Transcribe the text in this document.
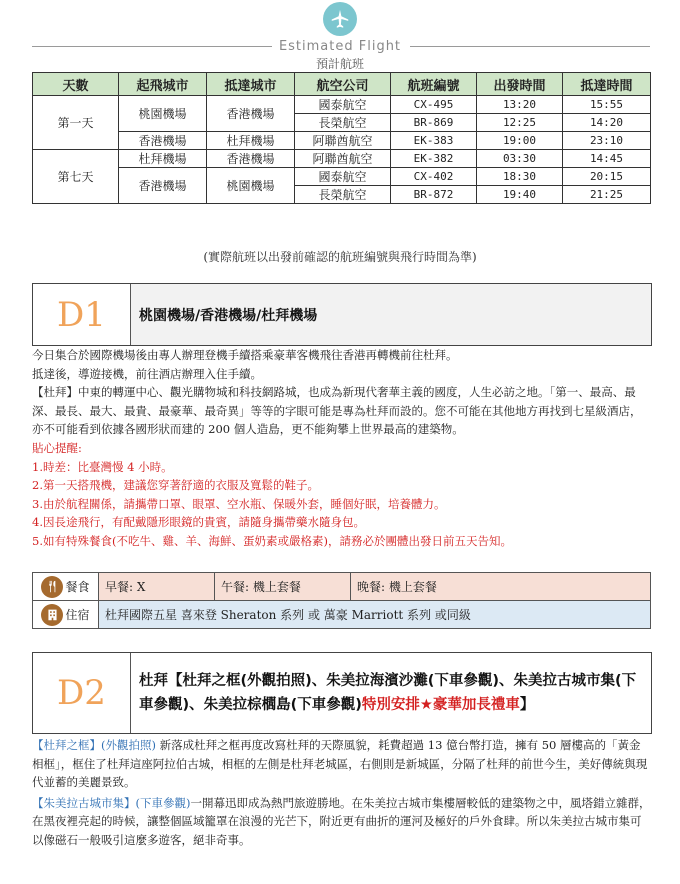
Estimated Flight
預計航班
天數	起飛城市	抵達城市	航空公司	航班編號	出發時間	抵達時間
第一天	桃園機場	香港機場	國泰航空	CX-495	13:20	15:55
			長榮航空	BR-869	12:25	14:20
	香港機場	杜拜機場	阿聯酋航空	EK-383	19:00	23:10
第七天	杜拜機場	香港機場	阿聯酋航空	EK-382	03:30	14:45
	香港機場	桃園機場	國泰航空	CX-402	18:30	20:15
			長榮航空	BR-872	19:40	21:25
(實際航班以出發前確認的航班編號與飛行時間為準)
D1	桃園機場/香港機場/杜拜機場

今日集合於國際機場後由專人辦理登機手續搭乘豪華客機飛往香港再轉機前往杜拜。

抵達後，導遊接機，前往酒店辦理入住手續。

【杜拜】中東的轉運中心、觀光購物城和科技網路城，也成為新現代奢華主義的國度，人生必訪之地。「第一、最高、最深、最長、最大、最貴、最豪華、最奇異」等等的字眼可能是專為杜拜而設的。您不可能在其他地方再找到七星級酒店，亦不可能看到依據各國形狀而建的 200 個人造島，更不能夠攀上世界最高的建築物。

貼心提醒:

1.時差：比臺灣慢 4 小時。

2.第一天搭飛機，建議您穿著舒適的衣服及寬鬆的鞋子。

3.由於航程關係，請攜帶口罩、眼罩、空水瓶、保暖外套，睡個好眠，培養體力。

4.因長途飛行，有配戴隱形眼鏡的貴賓，請隨身攜帶藥水隨身包。

5.如有特殊餐食(不吃牛、雞、羊、海鮮、蛋奶素或嚴格素)，請務必於團體出發日前五天告知。

餐食	早餐: X	午餐: 機上套餐	晚餐: 機上套餐

住宿	杜拜國際五星 喜來登 Sheraton 系列 或 萬豪 Marriott 系列 或同級		
D2	杜拜【杜拜之框(外觀拍照)、朱美拉海濱沙灘(下車參觀)、朱美拉古城市集(下車參觀)、朱美拉棕櫚島(下車參觀)特別安排★豪華加長禮車】

【杜拜之框】(外觀拍照) 新落成杜拜之框再度改寫杜拜的天際風貌，耗費超過 13 億台幣打造，擁有 50 層樓高的「黃金相框」，框住了杜拜這座阿拉伯古城，相框的左側是杜拜老城區，右側則是新城區，分隔了杜拜的前世今生，美好傳統與現代並蓄的美麗景致。

【朱美拉古城市集】(下車參觀)一開幕迅即成為熱門旅遊勝地。在朱美拉古城市集樓層較低的建築物之中，風塔錯立雜群，在黑夜裡亮起的時候，讓整個區域籠罩在浪漫的光芒下，附近更有曲折的運河及極好的戶外食肆。所以朱美拉古城市集可以像磁石一般吸引這麼多遊客，絕非奇事。
